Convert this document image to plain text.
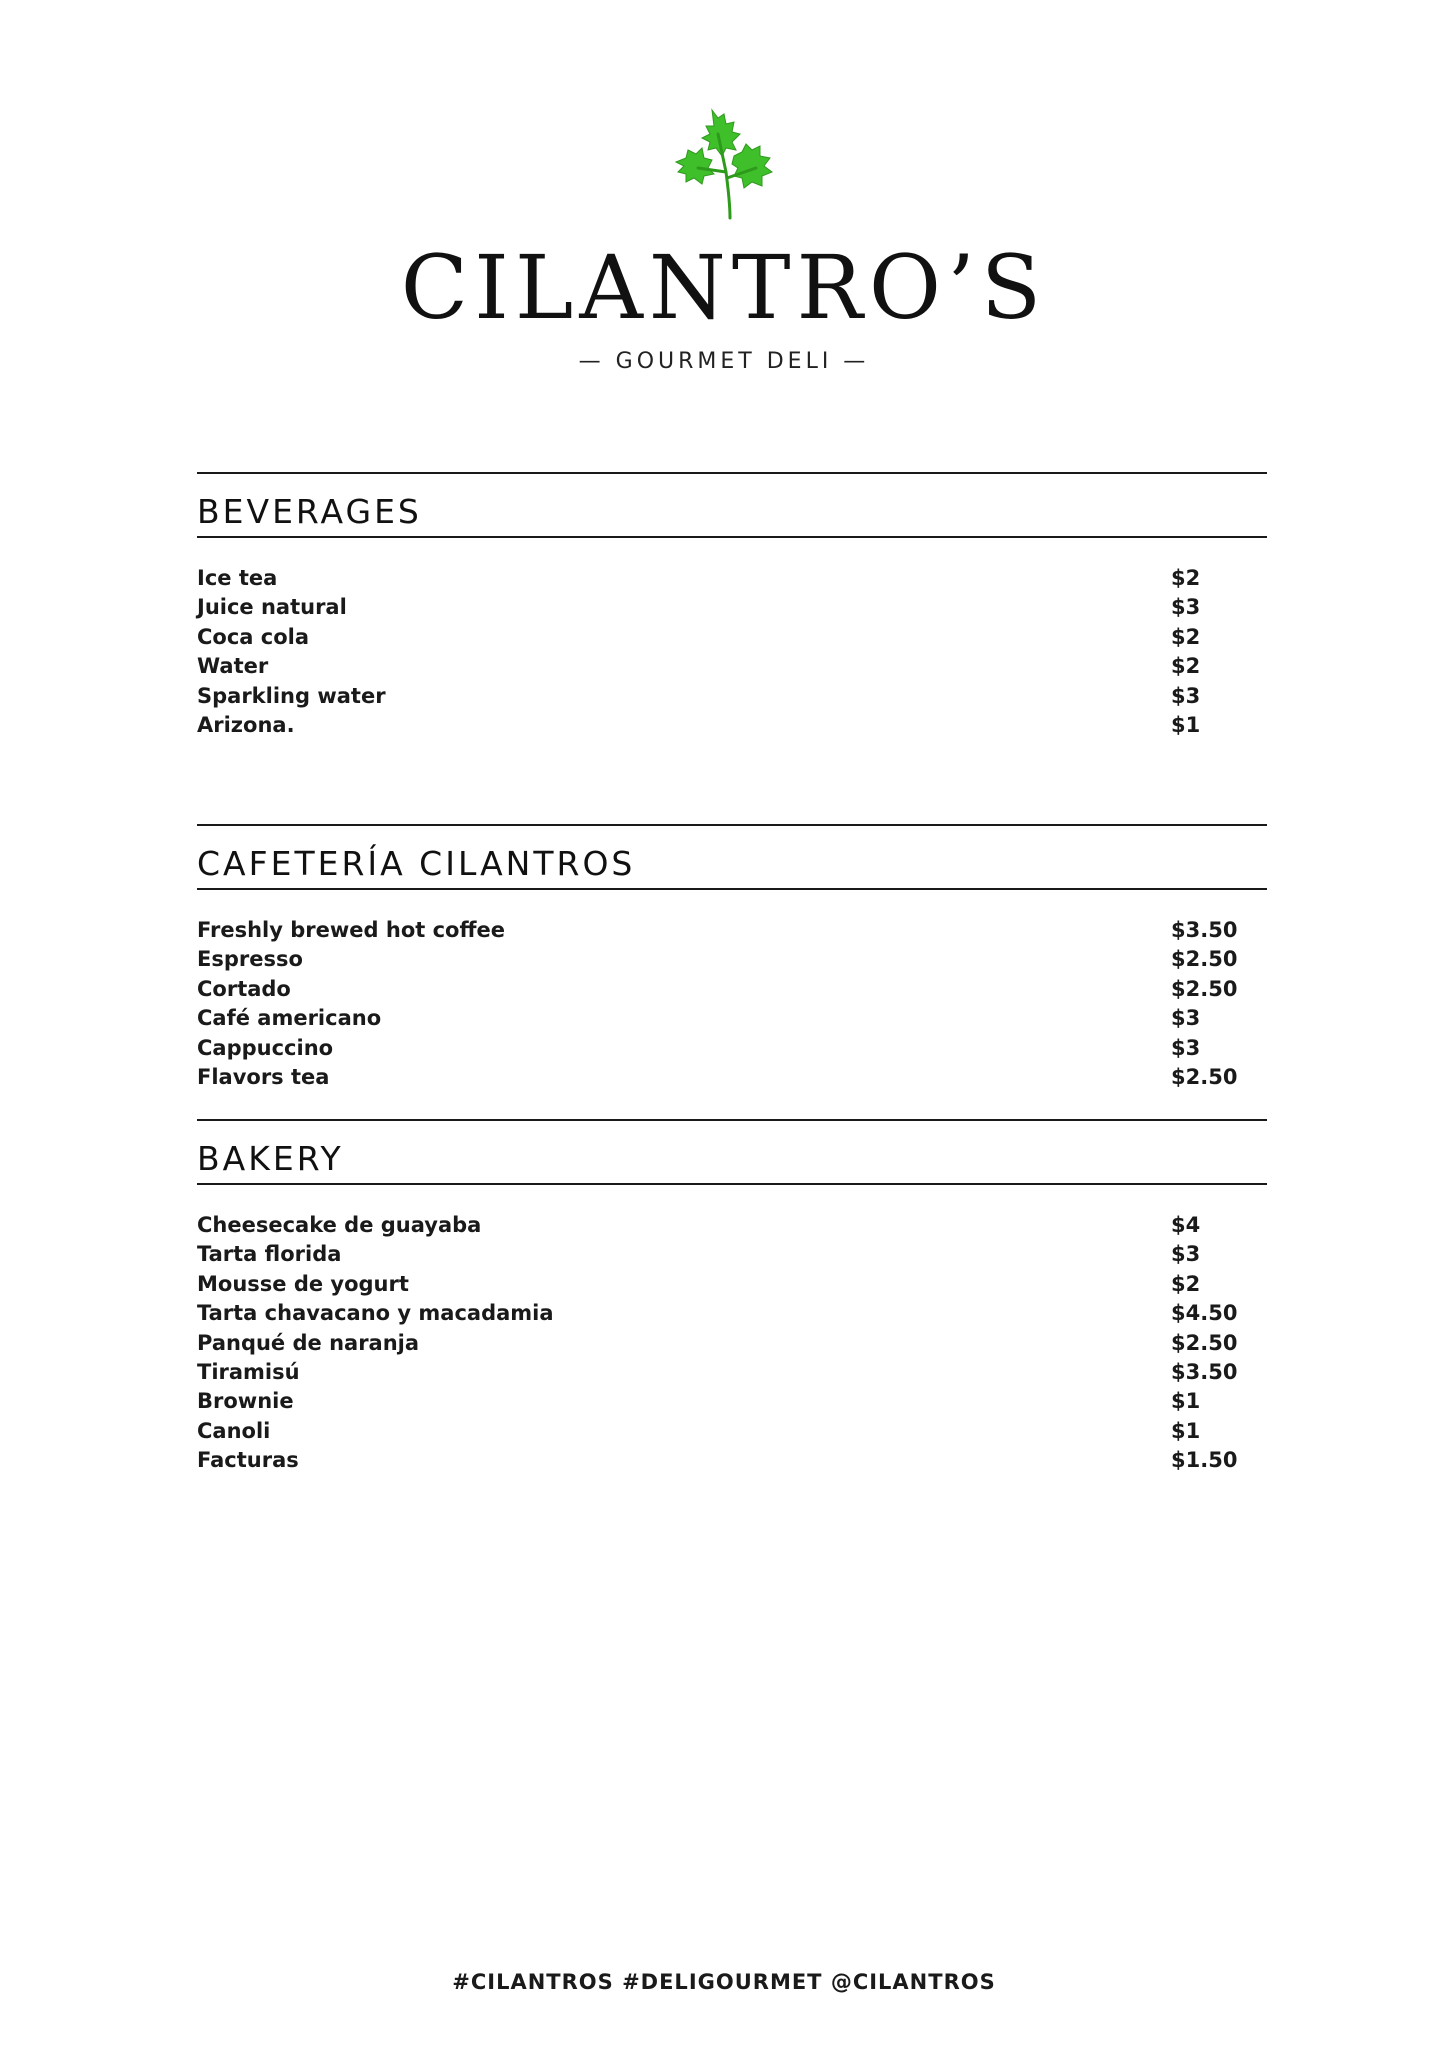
CILANTRO’S
— GOURMET DELI —
BEVERAGES
Ice tea	$2
Juice natural	$3
Coca cola	$2
Water	$2
Sparkling water	$3
Arizona.	$1
CAFETERÍA CILANTROS
Freshly brewed hot coffee	$3.50
Espresso	$2.50
Cortado	$2.50
Café americano	$3
Cappuccino	$3
Flavors tea	$2.50
BAKERY
Cheesecake de guayaba	$4
Tarta florida	$3
Mousse de yogurt	$2
Tarta chavacano y macadamia	$4.50
Panqué de naranja	$2.50
Tiramisú	$3.50
Brownie	$1
Canoli	$1
Facturas	$1.50
#CILANTROS #DELIGOURMET @CILANTROS
